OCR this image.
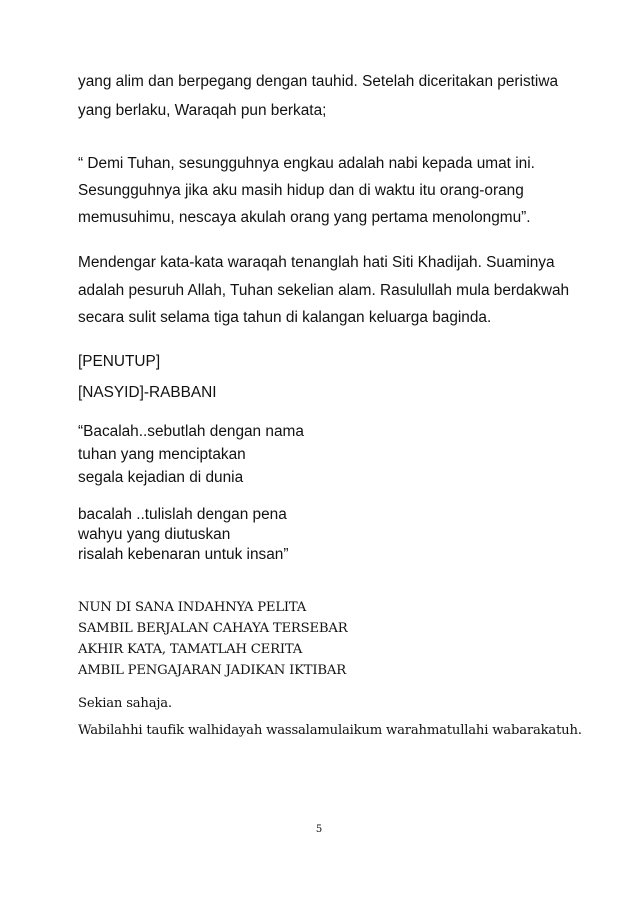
yang alim dan berpegang dengan tauhid. Setelah diceritakan peristiwa
yang berlaku, Waraqah pun berkata;
“ Demi Tuhan, sesungguhnya engkau adalah nabi kepada umat ini.
Sesungguhnya jika aku masih hidup dan di waktu itu orang-orang
memusuhimu, nescaya akulah orang yang pertama menolongmu”.
Mendengar kata-kata waraqah tenanglah hati Siti Khadijah. Suaminya
adalah pesuruh Allah, Tuhan sekelian alam. Rasulullah mula berdakwah
secara sulit selama tiga tahun di kalangan keluarga baginda.
[PENUTUP]
[NASYID]-RABBANI
“Bacalah..sebutlah dengan nama
tuhan yang menciptakan
segala kejadian di dunia
bacalah ..tulislah dengan pena
wahyu yang diutuskan
risalah kebenaran untuk insan”
NUN DI SANA INDAHNYA PELITA
SAMBIL BERJALAN CAHAYA TERSEBAR
AKHIR KATA, TAMATLAH CERITA
AMBIL PENGAJARAN JADIKAN IKTIBAR
Sekian sahaja.
Wabilahhi taufik walhidayah wassalamulaikum warahmatullahi wabarakatuh.
5
